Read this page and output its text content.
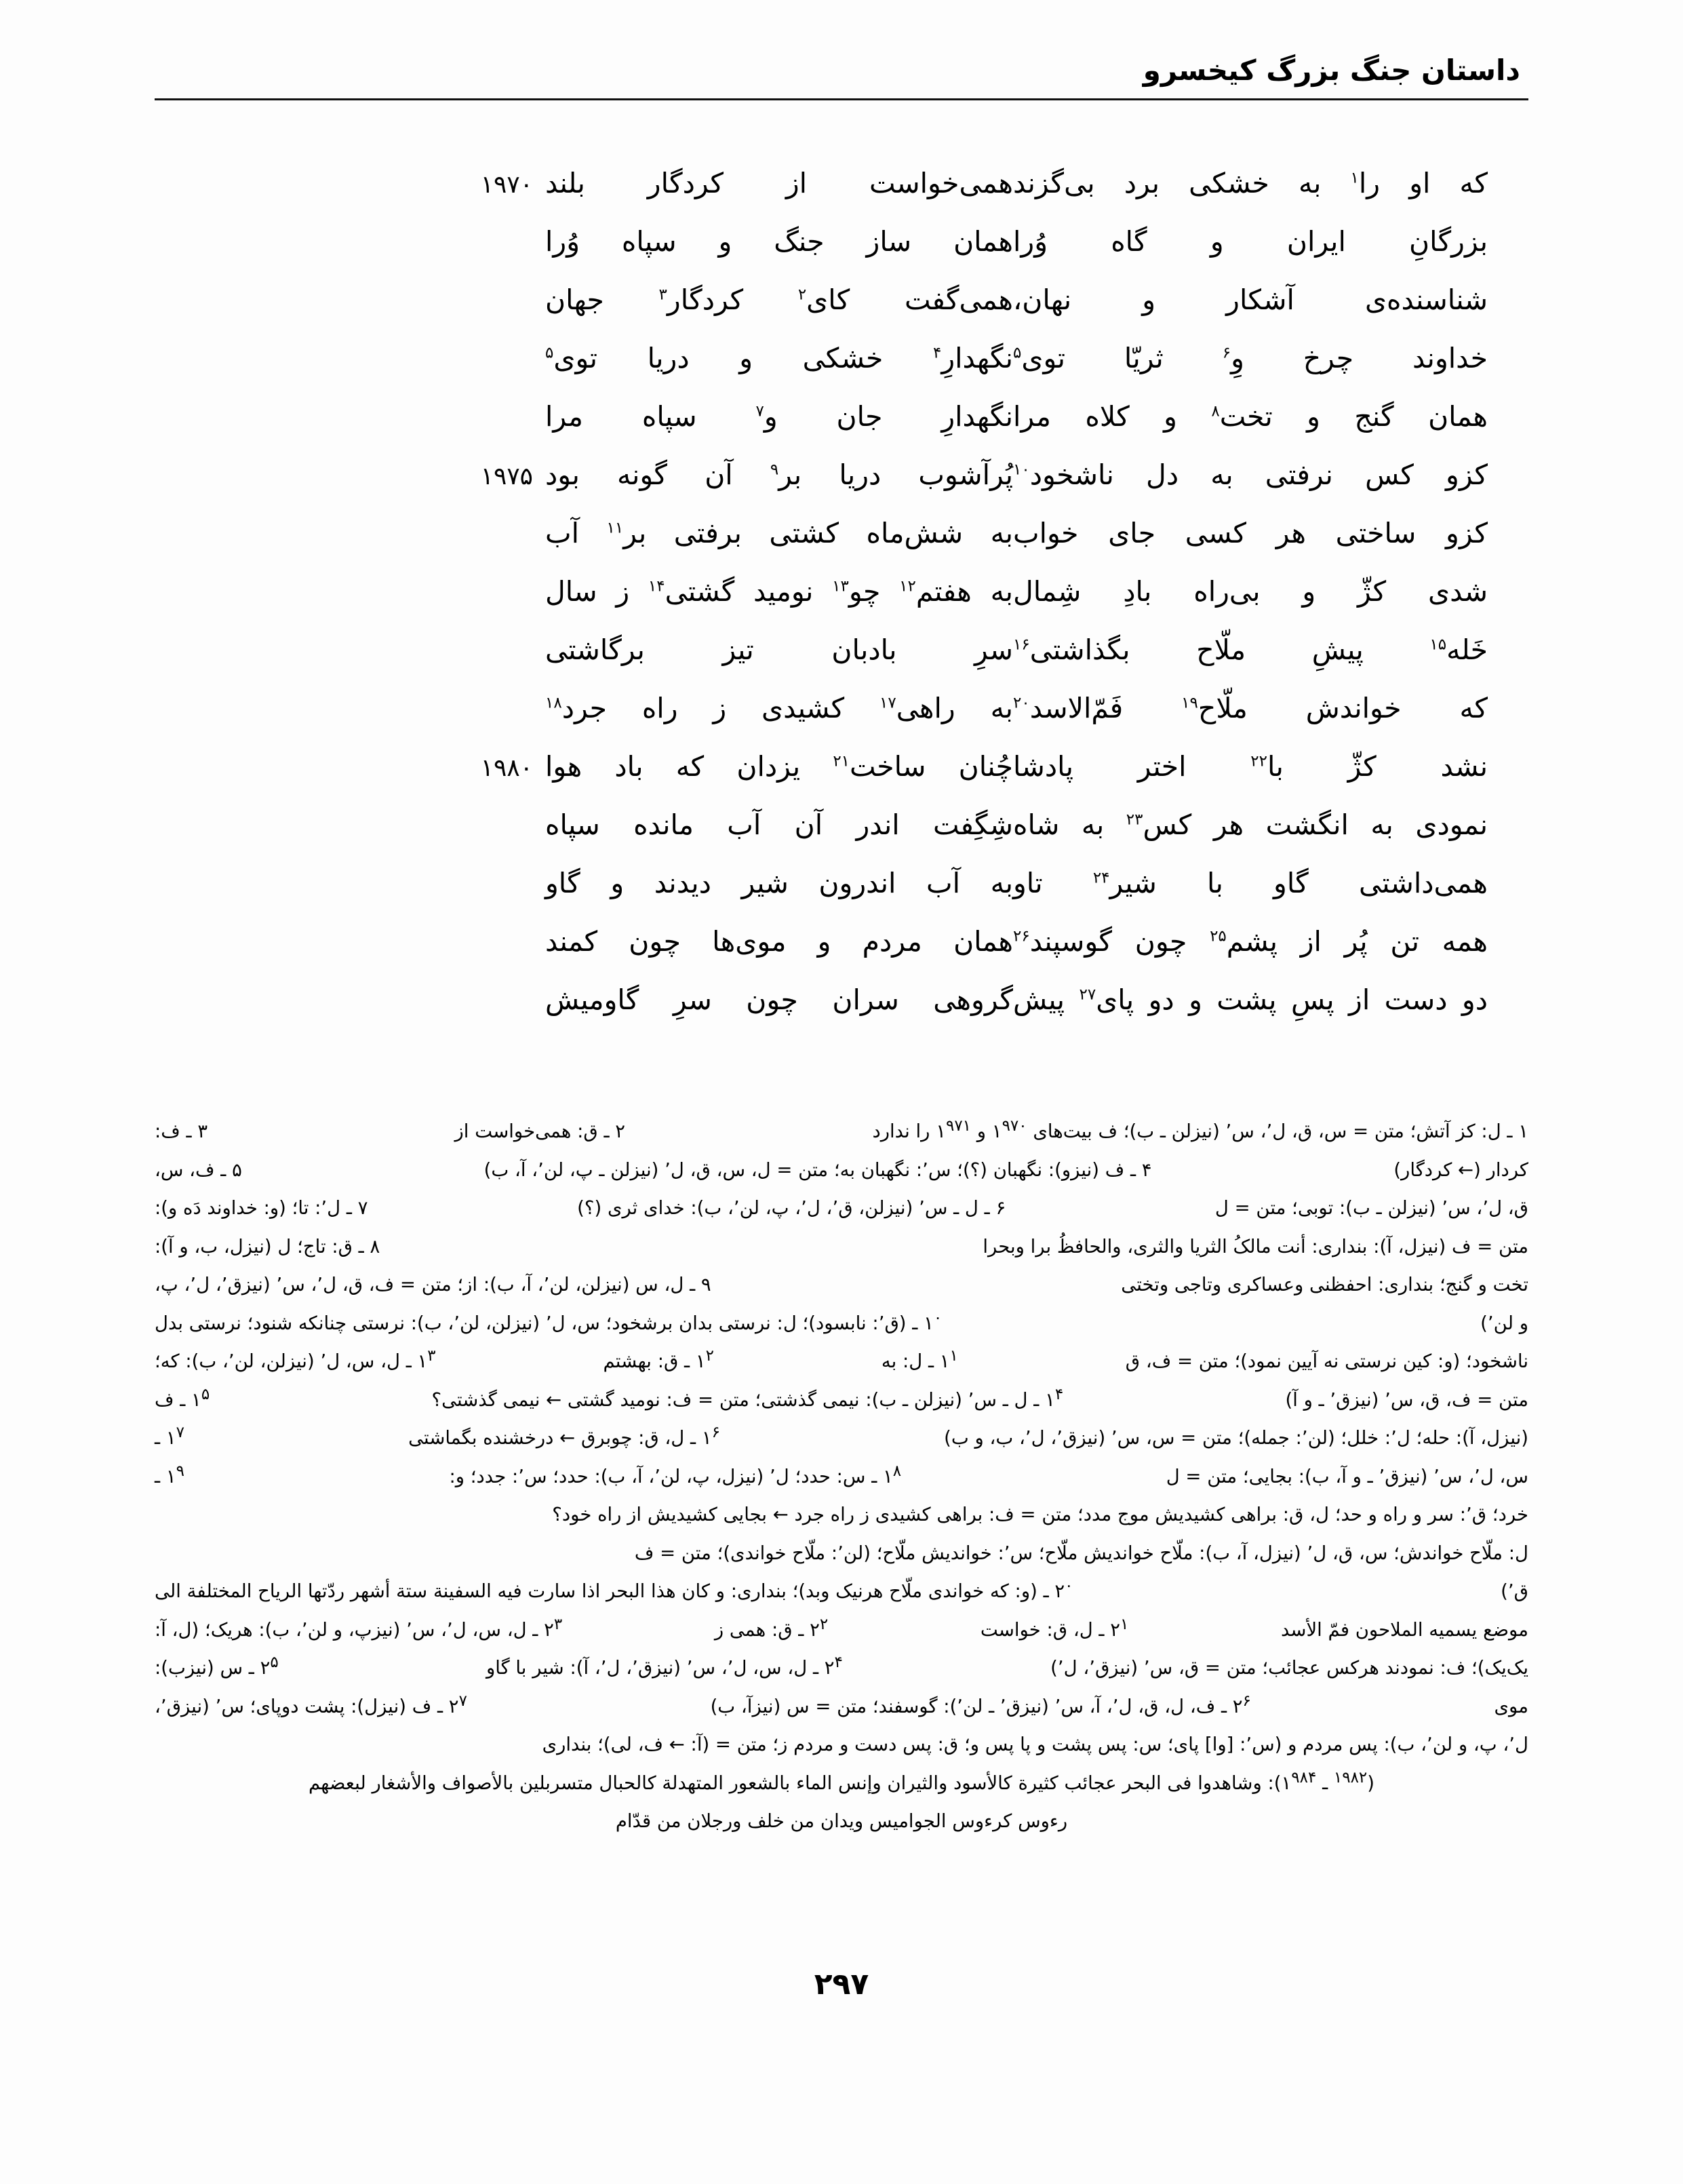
داستان جنگ بزرگ کیخسرو
که او را$^۱$ به خشکی برد بی‌گزند
همی‌خواست از کردگار بلند
۱۹۷۰
بزرگانِ ایران و گاه وُرا
همان ساز جنگ و سپاه وُرا
شناسنده‌ی آشکار و نهان،
همی‌گفت کای$^۲$ کردگار$^۳$ جهان
خداوند چرخ وِ$^۶$ ثریّا توی$^۵$
نگهدارِ$^۴$ خشکی و دریا توی$^۵$
همان گنج و تخت$^۸$ و کلاه مرا
نگهدارِ جان و$^۷$ سپاه مرا
کزو کس نرفتی به دل ناشخود$^{۱۰}$
پُرآشوب دریا بر$^۹$ آن گونه بود
۱۹۷۵
کزو ساختی هر کسی جای خواب
به شش‌ماه کشتی برفتی بر$^{۱۱}$ آب
شدی کژّ و بی‌راه بادِ شِمال
به هفتم$^{۱۲}$ چو$^{۱۳}$ نومید گشتی$^{۱۴}$ ز سال
خَله$^{۱۵}$ پیشِ ملّاح بگذاشتی$^{۱۶}$
سرِ بادبان تیز برگاشتی
که خواندش ملّاح$^{۱۹}$ فَمّ‌الاسد$^{۲۰}$
به راهی$^{۱۷}$ کشیدی ز راه جرد$^{۱۸}$
نشد کژّ با$^{۲۲}$ اختر پادشا
چُنان ساخت$^{۲۱}$ یزدان که باد هوا
۱۹۸۰
نمودی به انگشت هر کس$^{۲۳}$ به شاه
شِگِفت اندر آن آب مانده سپاه
همی‌داشتی گاو با شیر$^{۲۴}$ تاو
به آب اندرون شیر دیدند و گاو
همه تن پُر از پشم$^{۲۵}$ چون گوسپند$^{۲۶}$
همان مردم و موی‌ها چون کمند
دو دست از پسِ پشت و دو پای$^{۲۷}$ پیش
گروهی سران چون سرِ گاومیش
۱ ـ ل: کز آتش؛ متن = س، ق، ل٬، س٬ (نیزلن ـ ب)؛ ف بیت‌های $۱^{۹۷۰}$ و $۱^{۹۷۱}$ را ندارد
۲ ـ ق: همی‌خواست از
۳ ـ ف:
کردار (← کردگار)
۴ ـ ف (نیزو): نگهبان (؟)؛ س٬: نگهبان به؛ متن = ل، س، ق، ل٬ (نیزلن ـ پ، لن٬، آ، ب)
۵ ـ ف، س،
ق، ل٬، س٬ (نیزلن ـ ب): توبی؛ متن = ل
۶ ـ ل ـ س٬ (نیزلن، ق٬، ل٬، پ، لن٬، ب): خدای ثری (؟)
۷ ـ ل٬: تا؛ (و: خداوند دَه و):
متن = ف (نیزل، آ): بنداری: أنت مالکُ الثریا والثری، والحافظُ برا وبحرا
۸ ـ ق: تاج؛ ل (نیزل، ب، و آ):
تخت و گنج؛ بنداری: احفظنی وعساکری وتاجی وتختی
۹ ـ ل، س (نیزلن، لن٬، آ، ب): از؛ متن = ف، ق، ل٬، س٬ (نیزق٬، ل٬، پ،
و لن٬)
$۱^۰$ ـ (ق٬: نابسود)؛ ل: نرستی بدان برشخود؛ س، ل٬ (نیزلن، لن٬، ب): نرستی چنانکه شنود؛ نرستی بدل
ناشخود؛ (و: کین نرستی نه آیین نمود)؛ متن = ف، ق
$۱^۱$ ـ ل: به
$۱^۲$ ـ ق: بهشتم
$۱^۳$ ـ ل، س، ل٬ (نیزلن، لن٬، ب): که؛
متن = ف، ق، س٬ (نیزق٬ ـ و آ)
$۱^۴$ ـ ل ـ س٬ (نیزلن ـ ب): نیمی گذشتی؛ متن = ف: نومید گشتی ← نیمی گذشتی؟
$۱^۵$ ـ ف
(نیزل، آ): حله؛ ل٬: خلل؛ (لن٬: جمله)؛ متن = س، س٬ (نیزق٬، ل٬، ب، و ب)
$۱^۶$ ـ ل، ق: چوبرق ← درخشنده بگماشتی
$۱^۷$ ـ
س، ل٬، س٬ (نیزق٬ ـ و آ، ب): بجایی؛ متن = ل
$۱^۸$ ـ س: حدد؛ ل٬ (نیزل، پ، لن٬، آ، ب): حدد؛ س٬: جدد؛ و:
$۱^۹$ ـ
خرد؛ ق٬: سر و راه و حد؛ ل، ق: براهی کشیدیش موج مدد؛ متن = ف: براهی کشیدی ز راه جرد ← بجایی کشیدیش از راه خود؟
ل: ملّاح خواندش؛ س، ق، ل٬ (نیزل، آ، ب): ملّاح خواندیش ملّاح؛ س٬: خواندیش ملّاح؛ (لن٬: ملّاح خواندی)؛ متن = ف
ق٬)
$۲^۰$ ـ (و: که خواندی ملّاح هرنیک وبد)؛ بنداری: و کان هذا البحر اذا سارت فیه السفینة ستة أشهر ردّتها الریاح المختلفة الی
موضع یسمیه الملاحون فمّ الأسد
$۲^۱$ ـ ل، ق: خواست
$۲^۲$ ـ ق: همی ز
$۲^۳$ ـ ل، س، ل٬، س٬ (نیزپ، و لن٬، ب): هریک؛ (ل، آ:
یک‌یک)؛ ف: نمودند هرکس عجائب؛ متن = ق، س٬ (نیزق٬، ل٬)
$۲^۴$ ـ ل، س، ل٬، س٬ (نیزق٬، ل٬، آ): شیر با گاو
$۲^۵$ ـ س (نیزب):
موی
$۲^۶$ ـ ف، ل، ق، ل٬، آ، س٬ (نیزق٬ ـ لن٬): گوسفند؛ متن = س (نیزآ، ب)
$۲^۷$ ـ ف (نیزل): پشت دوپای؛ س٬ (نیزق٬،
ل٬، پ، و لن٬، ب): پس مردم و (س٬: [وا] پای؛ س: پس پشت و پا پس و؛ ق: پس دست و مردم ز؛ متن = (آ: ← ف، لی)؛ بنداری
($^{۱۹۸۲}$ ـ $۱^{۹۸۴}$): وشاهدوا فی البحر عجائب کثیرة کالأسود والثیران وإنس الماء بالشعور المتهدلة کالحبال متسربلین بالأصواف والأشغار لبعضهم
رءوس کرءوس الجوامیس ویدان من خلف ورجلان من قدّام
۲۹۷
